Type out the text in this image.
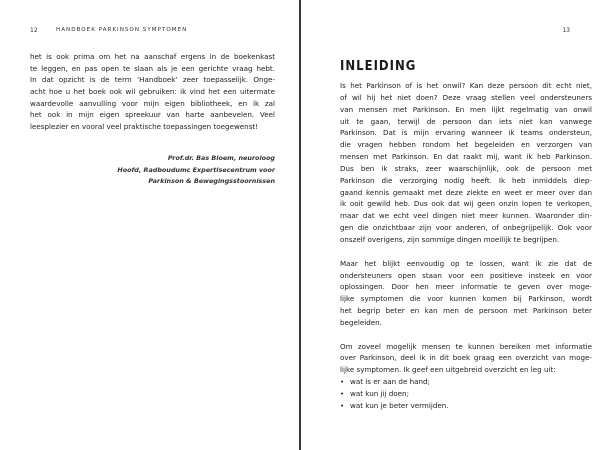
12	HANDBOEK PARKINSON SYMPTOMEN
het is ook prima om het na aanschaf ergens in de boekenkast
te leggen, en pas open te slaan als je een gerichte vraag hebt.
In dat opzicht is de term ‘Handboek’ zeer toepasselijk. Onge-
acht hoe u het boek ook wil gebruiken: ik vind het een uitermate
waardevolle aanvulling voor mijn eigen bibliotheek, en ik zal
het ook in mijn eigen spreekuur van harte aanbevelen. Veel
leesplezier en vooral veel praktische toepassingen toegewenst!
Prof.dr. Bas Bloem, neuroloog
Hoofd, Radboudumc Expertisecentrum voor
Parkinson & Bewegingsstoornissen
13
INLEIDING

Is het Parkinson of is het onwil? Kan deze persoon dit echt niet,
of wil hij het niet doen? Deze vraag stellen veel ondersteuners
van mensen met Parkinson. En men lijkt regelmatig van onwil
uit te gaan, terwijl de persoon dan iets niet kan vanwege
Parkinson. Dat is mijn ervaring wanneer ik teams ondersteun,
die vragen hebben rondom het begeleiden en verzorgen van
mensen met Parkinson. En dat raakt mij, want ik heb Parkinson.
Dus ben ik straks, zeer waarschijnlijk, ook de persoon met
Parkinson die verzorging nodig heeft. Ik heb inmiddels diep-
gaand kennis gemaakt met deze ziekte en weet er meer over dan
ik ooit gewild heb. Dus ook dat wij geen onzin lopen te verkopen,
maar dat we echt veel dingen niet meer kunnen. Waaronder din-
gen die onzichtbaar zijn voor anderen, of onbegrijpelijk. Ook voor
onszelf overigens, zijn sommige dingen moeilijk te begrijpen.

Maar het blijkt eenvoudig op te lossen, want ik zie dat de
ondersteuners open staan voor een positieve insteek en voor
oplossingen. Door hen meer informatie te geven over moge-
lijke symptomen die voor kunnen komen bij Parkinson, wordt
het begrip beter en kan men de persoon met Parkinson beter
begeleiden.

Om zoveel mogelijk mensen te kunnen bereiken met informatie
over Parkinson, deel ik in dit boek graag een overzicht van moge-
lijke symptomen. Ik geef een uitgebreid overzicht en leg uit:
• wat is er aan de hand;
• wat kun jij doen;
• wat kun je beter vermijden.
